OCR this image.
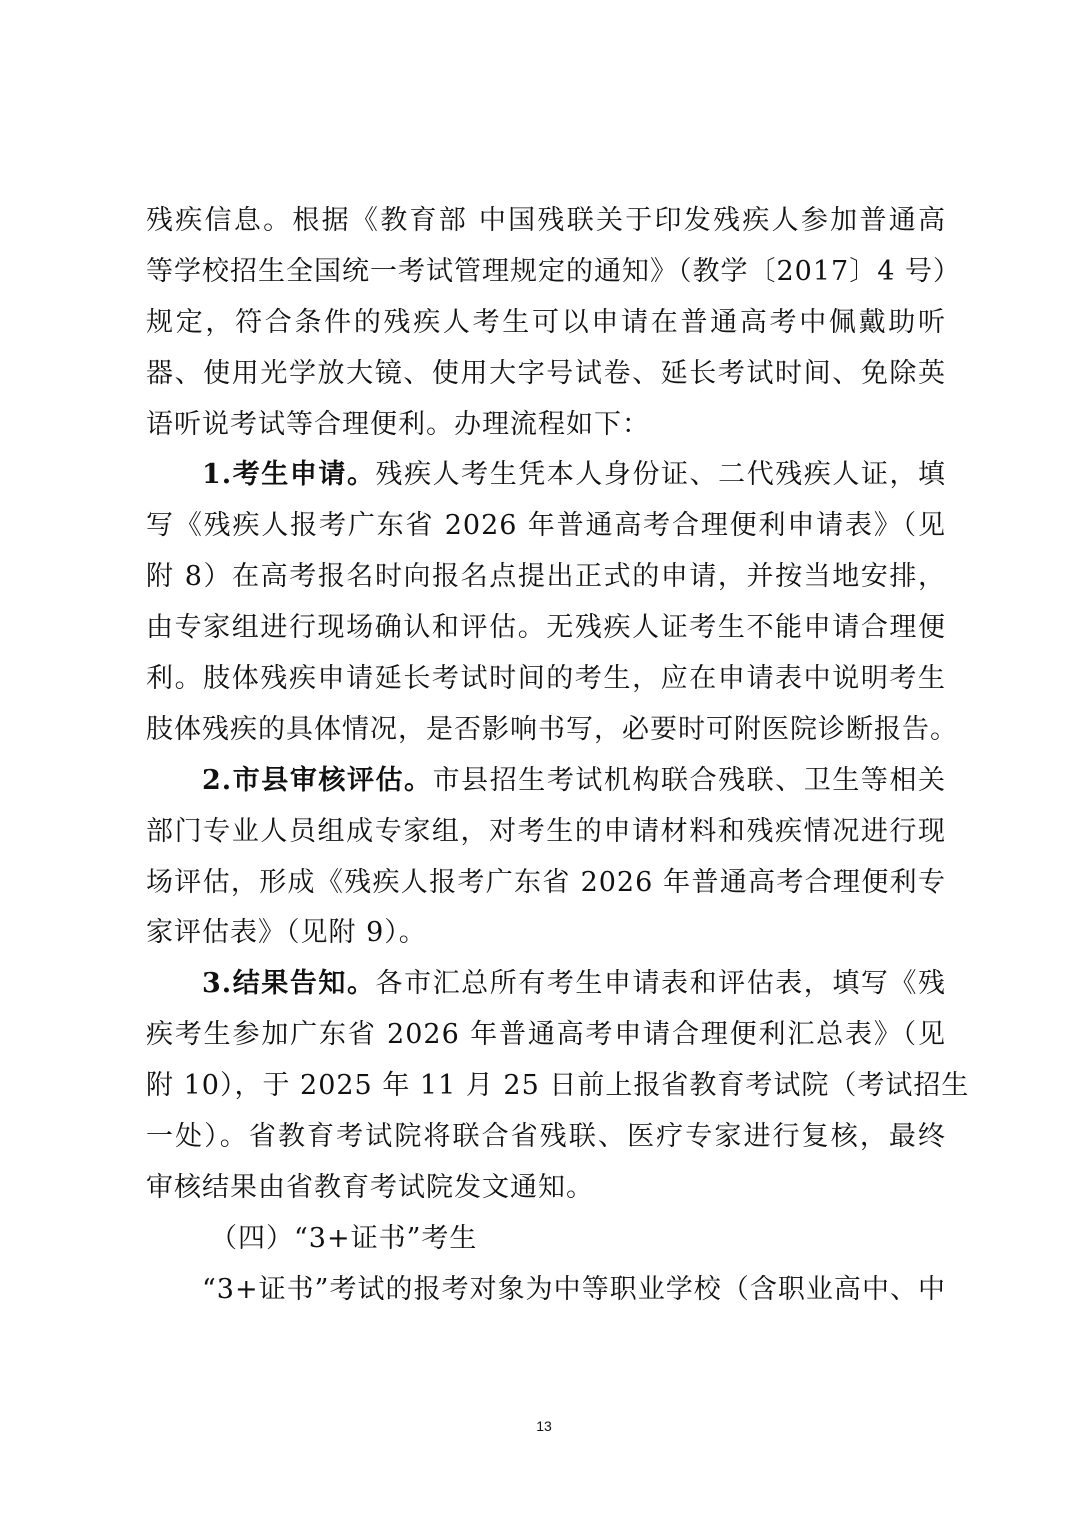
残疾信息。根据《教育部 中国残联关于印发残疾人参加普通高
等学校招生全国统一考试管理规定的通知》（教学〔2017〕4 号）
规定，符合条件的残疾人考生可以申请在普通高考中佩戴助听
器、使用光学放大镜、使用大字号试卷、延长考试时间、免除英
语听说考试等合理便利。办理流程如下：
1.考生申请。残疾人考生凭本人身份证、二代残疾人证，填
写《残疾人报考广东省 2026 年普通高考合理便利申请表》（见
附 8）在高考报名时向报名点提出正式的申请，并按当地安排，
由专家组进行现场确认和评估。无残疾人证考生不能申请合理便
利。肢体残疾申请延长考试时间的考生，应在申请表中说明考生
肢体残疾的具体情况，是否影响书写，必要时可附医院诊断报告。
2.市县审核评估。市县招生考试机构联合残联、卫生等相关
部门专业人员组成专家组，对考生的申请材料和残疾情况进行现
场评估，形成《残疾人报考广东省 2026 年普通高考合理便利专
家评估表》（见附 9）。
3.结果告知。各市汇总所有考生申请表和评估表，填写《残
疾考生参加广东省 2026 年普通高考申请合理便利汇总表》（见
附 10），于 2025 年 11 月 25 日前上报省教育考试院（考试招生
一处）。省教育考试院将联合省残联、医疗专家进行复核，最终
审核结果由省教育考试院发文通知。
（四）“3+证书”考生
“3+证书”考试的报考对象为中等职业学校（含职业高中、中
13
